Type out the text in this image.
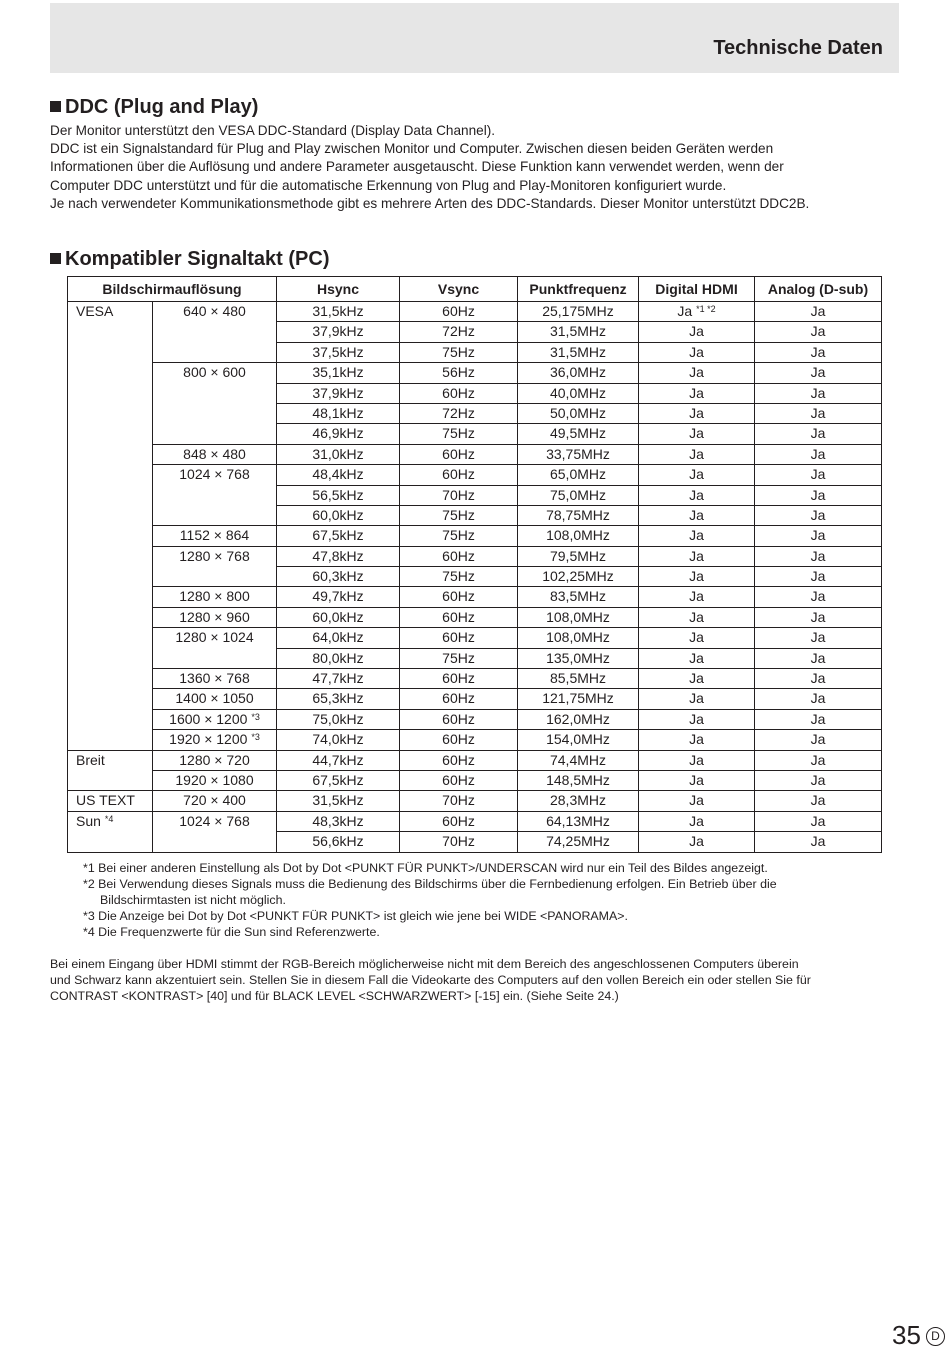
Technische Daten
DDC (Plug and Play)
Der Monitor unterstützt den VESA DDC-Standard (Display Data Channel).
DDC ist ein Signalstandard für Plug and Play zwischen Monitor und Computer. Zwischen diesen beiden Geräten werden
Informationen über die Auflösung und andere Parameter ausgetauscht. Diese Funktion kann verwendet werden, wenn der
Computer DDC unterstützt und für die automatische Erkennung von Plug and Play-Monitoren konfiguriert wurde.
Je nach verwendeter Kommunikationsmethode gibt es mehrere Arten des DDC-Standards. Dieser Monitor unterstützt DDC2B.
Kompatibler Signaltakt (PC)
Bildschirmauflösung		Hsync	Vsync	Punktfrequenz	Digital HDMI	Analog (D-sub)
VESA	640 × 480	31,5kHz	60Hz	25,175MHz	Ja $^{*1 *2}$	Ja
		37,9kHz	72Hz	31,5MHz	Ja	Ja
		37,5kHz	75Hz	31,5MHz	Ja	Ja
	800 × 600	35,1kHz	56Hz	36,0MHz	Ja	Ja
		37,9kHz	60Hz	40,0MHz	Ja	Ja
		48,1kHz	72Hz	50,0MHz	Ja	Ja
		46,9kHz	75Hz	49,5MHz	Ja	Ja
	848 × 480	31,0kHz	60Hz	33,75MHz	Ja	Ja
	1024 × 768	48,4kHz	60Hz	65,0MHz	Ja	Ja
		56,5kHz	70Hz	75,0MHz	Ja	Ja
		60,0kHz	75Hz	78,75MHz	Ja	Ja
	1152 × 864	67,5kHz	75Hz	108,0MHz	Ja	Ja
	1280 × 768	47,8kHz	60Hz	79,5MHz	Ja	Ja
		60,3kHz	75Hz	102,25MHz	Ja	Ja
	1280 × 800	49,7kHz	60Hz	83,5MHz	Ja	Ja
	1280 × 960	60,0kHz	60Hz	108,0MHz	Ja	Ja
	1280 × 1024	64,0kHz	60Hz	108,0MHz	Ja	Ja
		80,0kHz	75Hz	135,0MHz	Ja	Ja
	1360 × 768	47,7kHz	60Hz	85,5MHz	Ja	Ja
	1400 × 1050	65,3kHz	60Hz	121,75MHz	Ja	Ja
	1600 × 1200 $^{*3}$	75,0kHz	60Hz	162,0MHz	Ja	Ja
	1920 × 1200 $^{*3}$	74,0kHz	60Hz	154,0MHz	Ja	Ja
Breit	1280 × 720	44,7kHz	60Hz	74,4MHz	Ja	Ja
	1920 × 1080	67,5kHz	60Hz	148,5MHz	Ja	Ja
US TEXT	720 × 400	31,5kHz	70Hz	28,3MHz	Ja	Ja
Sun $^{*4}$	1024 × 768	48,3kHz	60Hz	64,13MHz	Ja	Ja
		56,6kHz	70Hz	74,25MHz	Ja	Ja
*1 Bei einer anderen Einstellung als Dot by Dot <PUNKT FÜR PUNKT>/UNDERSCAN wird nur ein Teil des Bildes angezeigt.
*2 Bei Verwendung dieses Signals muss die Bedienung des Bildschirms über die Fernbedienung erfolgen. Ein Betrieb über die
Bildschirmtasten ist nicht möglich.
*3 Die Anzeige bei Dot by Dot <PUNKT FÜR PUNKT> ist gleich wie jene bei WIDE <PANORAMA>.
*4 Die Frequenzwerte für die Sun sind Referenzwerte.
Bei einem Eingang über HDMI stimmt der RGB-Bereich möglicherweise nicht mit dem Bereich des angeschlossenen Computers überein
und Schwarz kann akzentuiert sein. Stellen Sie in diesem Fall die Videokarte des Computers auf den vollen Bereich ein oder stellen Sie für
CONTRAST <KONTRAST> [40] und für BLACK LEVEL <SCHWARZWERT> [-15] ein. (Siehe Seite 24.)
35 D
